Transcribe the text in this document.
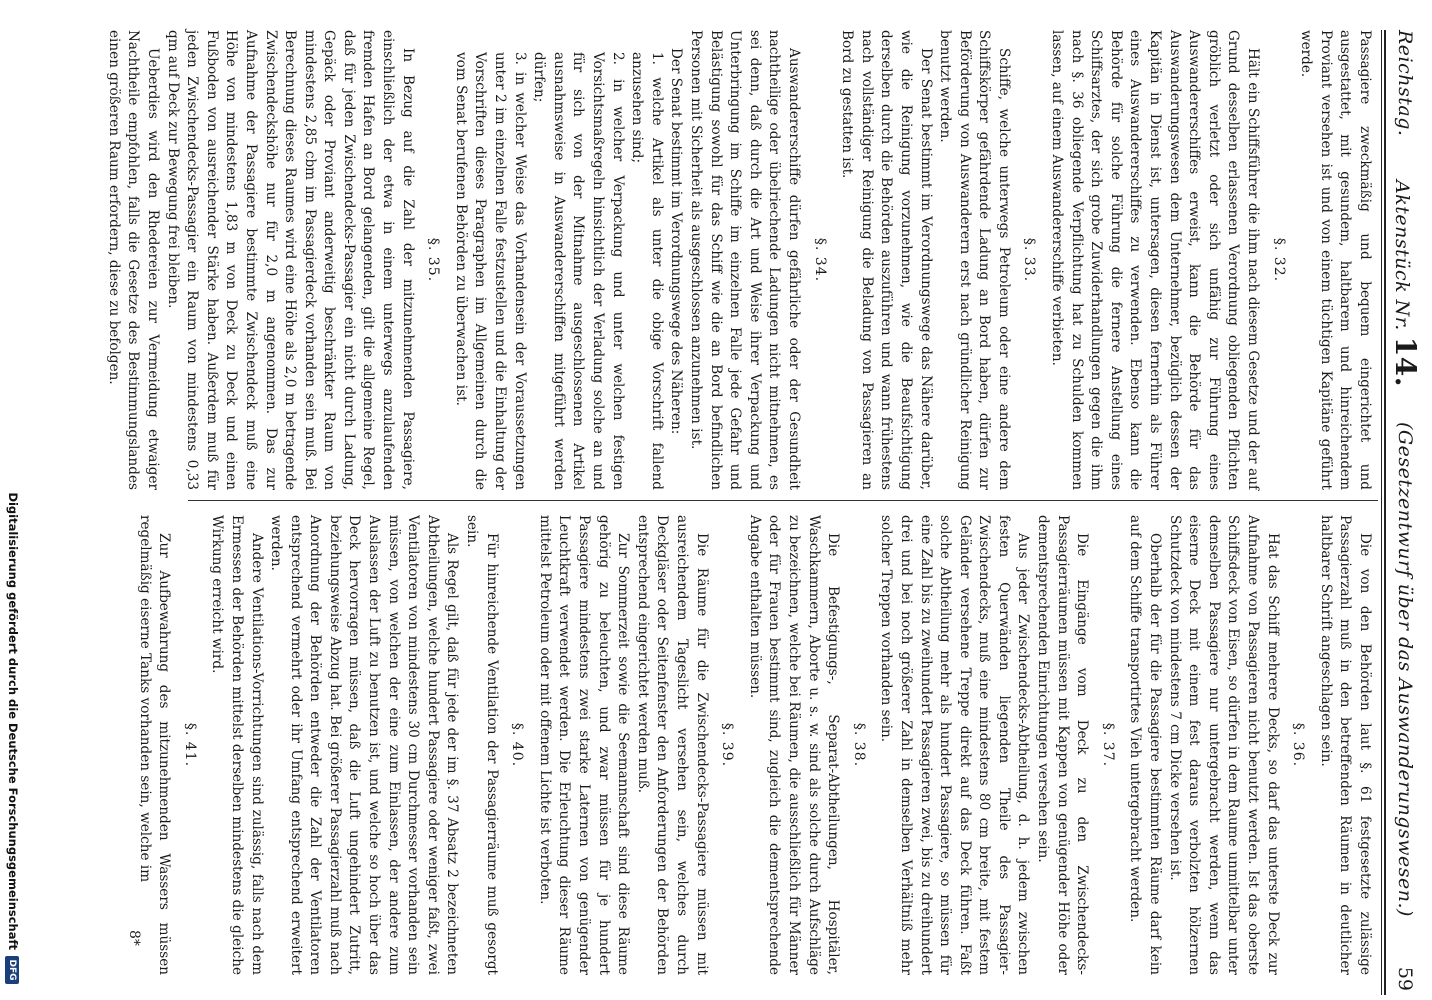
Reichstag.
Aktenstück Nr.14.
(Gesetzentwurf über das Auswanderungswesen.)
59

Passagiere zweckmäßig und bequem eingerichtet und ausgestattet, mit gesundem, haltbarem und hinreichendem Proviant versehen ist und von einem tüchtigen Kapitäne geführt werde.

§. 32.

Hält ein Schiffsführer die ihm nach diesem Gesetze und der auf Grund desselben erlassenen Verordnung obliegenden Pflichten gröblich verletzt oder sich unfähig zur Führung eines Auswandererschiffes erweist, kann die Behörde für das Auswanderungswesen dem Unternehmer, bezüglich dessen der Kapitän in Dienst ist, untersagen, diesen fernerhin als Führer eines Auswandererschiffes zu verwenden. Ebenso kann die Behörde für solche Führung die fernere Anstellung eines Schiffsarztes, der sich grobe Zuwiderhandlungen gegen die ihm nach §. 36 obliegende Verpflichtung hat zu Schulden kommen lassen, auf einem Auswandererschiffe verbieten.

§. 33.

Schiffe, welche unterwegs Petroleum oder eine andere dem Schiffskörper gefährdende Ladung an Bord haben, dürfen zur Beförderung von Auswanderern erst nach gründlicher Reinigung benutzt werden.

Der Senat bestimmt im Verordnungswege das Nähere darüber, wie die Reinigung vorzunehmen, wie die Beaufsichtigung derselben durch die Behörden auszuführen und wann frühestens nach vollständiger Reinigung die Beladung von Passagieren an Bord zu gestatten ist.

§. 34.

Auswandererschiffe dürfen gefährliche oder der Gesundheit nachtheilige oder übelriechende Ladungen nicht mitnehmen, es sei denn, daß durch die Art und Weise ihrer Verpackung und Unterbringung im Schiffe im einzelnen Falle jede Gefahr und Belästigung sowohl für das Schiff wie die an Bord befindlichen Personen mit Sicherheit als ausgeschlossen anzunehmen ist.

Der Senat bestimmt im Verordnungswege des Näheren:

1. welche Artikel als unter die obige Vorschrift fallend anzusehen sind;

2. in welcher Verpackung und unter welchen festigen Vorsichtsmaßregeln hinsichtlich der Verladung solche an und für sich von der Mitnahme ausgeschlossenen Artikel ausnahmsweise in Auswandererschiffen mitgeführt werden dürfen;

3. in welcher Weise das Vorhandensein der Voraussetzungen unter 2 im einzelnen Falle festzustellen und die Einhaltung der Vorschriften dieses Paragraphen im Allgemeinen durch die vom Senat berufenen Behörden zu überwachen ist.

§. 35.

In Bezug auf die Zahl der mitzunehmenden Passagiere, einschließlich der etwa in einem unterwegs anzulaufenden fremden Hafen an Bord gelangenden, gilt die allgemeine Regel, daß für jeden Zwischendecks-Passagier ein nicht durch Ladung, Gepäck oder Proviant anderweitig beschränkter Raum von mindestens 2,85 cbm im Passagierdeck vorhanden sein muß. Bei Berechnung dieses Raumes wird eine Höhe als 2,0 m betragende Zwischendeckshöhe nur für 2,0 m angenommen. Das zur Aufnahme der Passagiere bestimmte Zwischendeck muß eine Höhe von mindestens 1,83 m von Deck zu Deck und einen Fußboden von ausreichender Stärke haben. Außerdem muß für jeden Zwischendecks-Passagier ein Raum von mindestens 0,33 qm auf Deck zur Bewegung frei bleiben.

Ueberdies wird den Rhedereien zur Vermeidung etwaiger Nachtheile empfohlen, falls die Gesetze des Bestimmungslandes einen größeren Raum erfordern, diese zu befolgen.

Die von den Behörden laut §. 61 festgesetzte zulässige Passagierzahl muß in den betreffenden Räumen in deutlicher haltbarer Schrift angeschlagen sein.

§. 36.

Hat das Schiff mehrere Decks, so darf das unterste Deck zur Aufnahme von Passagieren nicht benutzt werden. Ist das oberste Schiffsdeck von Eisen, so dürfen in dem Raume unmittelbar unter demselben Passagiere nur untergebracht werden, wenn das eiserne Deck mit einem fest daraus verbolzten hölzernen Schutzdeck von mindestens 7 cm Dicke versehen ist.

Oberhalb der für die Passagiere bestimmten Räume darf kein auf dem Schiffe transportirtes Vieh untergebracht werden.

§. 37.

Die Eingänge vom Deck zu den Zwischendecks-Passagierräumen müssen mit Kappen von genügender Höhe oder dementsprechenden Einrichtungen versehen sein.

Aus jeder Zwischendecks-Abtheilung, d. h. jedem zwischen festen Querwänden liegenden Theile des Passagier-Zwischendecks, muß eine mindestens 80 cm breite, mit festem Geländer versehene Treppe direkt auf das Deck führen. Faßt solche Abtheilung mehr als hundert Passagiere, so müssen für eine Zahl bis zu zweihundert Passagieren zwei, bis zu dreihundert drei und bei noch größerer Zahl in demselben Verhältniß mehr solcher Treppen vorhanden sein.

§. 38.

Die Befestigungs-, Separat-Abtheilungen, Hospitäler, Waschkammern, Aborte u. s. w. sind als solche durch Aufschläge zu bezeichnen, welche bei Räumen, die ausschließlich für Männer oder für Frauen bestimmt sind, zugleich die dementsprechende Angabe enthalten müssen.

§. 39.

Die Räume für die Zwischendecks-Passagiere müssen mit ausreichendem Tageslicht versehen sein, welches durch Deckgläser oder Seitenfenster den Anforderungen der Behörden entsprechend eingerichtet werden muß.

Zur Sommerzeit sowie die Seemannschaft sind diese Räume gehörig zu beleuchten, und zwar müssen für je hundert Passagiere mindestens zwei starke Laternen von genügender Leuchtkraft verwendet werden. Die Erleuchtung dieser Räume mittelst Petroleum oder mit offenem Lichte ist verboten.

§. 40.

Für hinreichende Ventilation der Passagierräume muß gesorgt sein.

Als Regel gilt, daß für jede der im §. 37 Absatz 2 bezeichneten Abtheilungen, welche hundert Passagiere oder weniger faßt, zwei Ventilatoren von mindestens 30 cm Durchmesser vorhanden sein müssen, von welchen der eine zum Einlassen, der andere zum Auslassen der Luft zu benutzen ist, und welche so hoch über das Deck hervorragen müssen, daß die Luft ungehindert Zutritt, beziehungsweise Abzug hat. Bei größerer Passagierzahl muß nach Anordnung der Behörden entweder die Zahl der Ventilatoren entsprechend vermehrt oder ihr Umfang entsprechend erweitert werden.

Andere Ventilations-Vorrichtungen sind zulässig, falls nach dem Ermessen der Behörden mittelst derselben mindestens die gleiche Wirkung erreicht wird.

§. 41.

Zur Aufbewahrung des mitzunehmenden Wassers müssen regelmäßig eiserne Tanks vorhanden sein, welche im

8*
Digitalisierung gefördert durch die Deutsche Forschungsgemeinschaft
DFG
